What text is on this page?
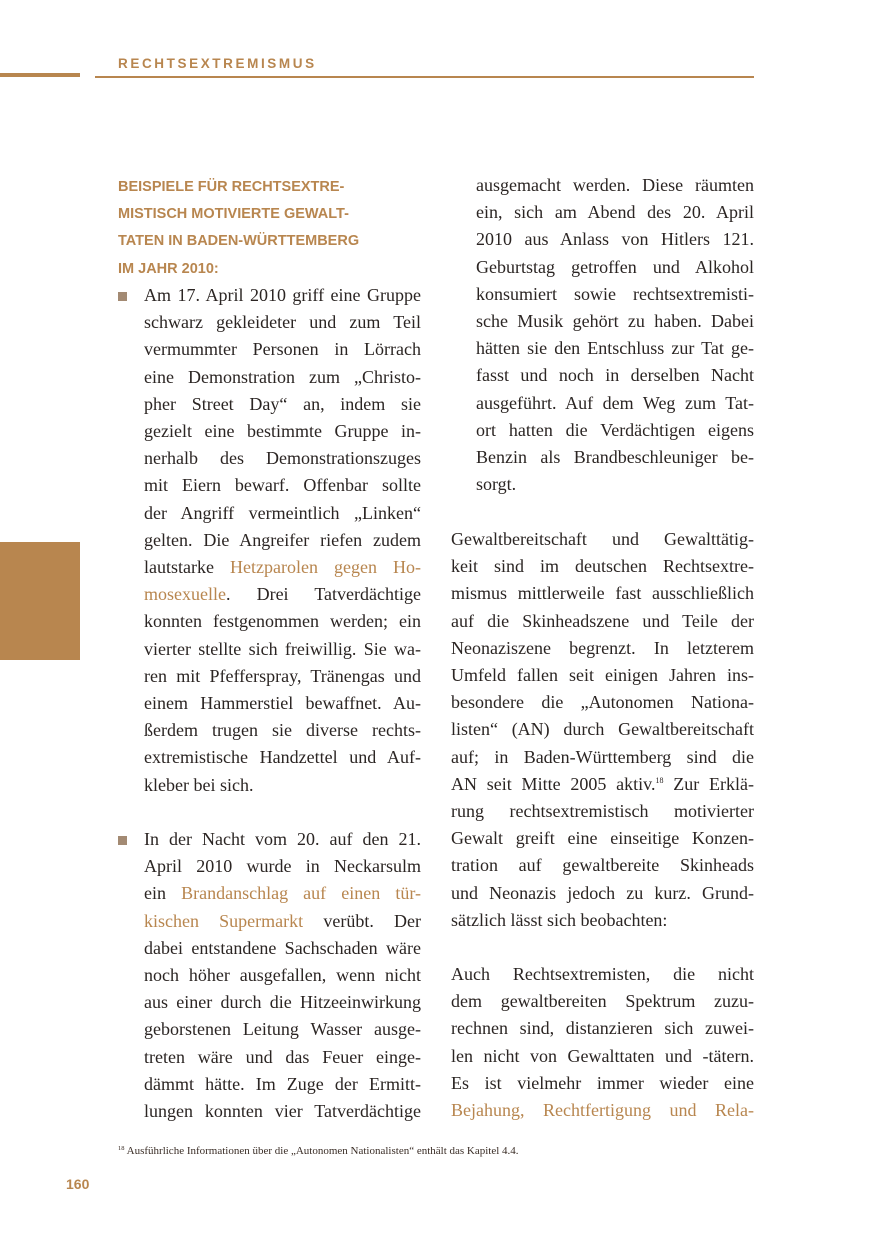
RECHTSEXTREMISMUS
BEISPIELE FÜR RECHTSEXTRE-
MISTISCH MOTIVIERTE GEWALT-
TATEN IN BADEN-WÜRTTEMBERG
IM JAHR 2010:

Am 17. April 2010 griff eine Gruppe

schwarz gekleideter und zum Teil

vermummter Personen in Lörrach

eine Demonstration zum „Christo-

pher Street Day“ an, indem sie

gezielt eine bestimmte Gruppe in-

nerhalb des Demonstrationszuges

mit Eiern bewarf. Offenbar sollte

der Angriff vermeintlich „Linken“

gelten. Die Angreifer riefen zudem

lautstarke Hetzparolen gegen Ho-

mosexuelle. Drei Tatverdächtige

konnten festgenommen werden; ein

vierter stellte sich freiwillig. Sie wa-

ren mit Pfefferspray, Tränengas und

einem Hammerstiel bewaffnet. Au-

ßerdem trugen sie diverse rechts-

extremistische Handzettel und Auf-

kleber bei sich.

In der Nacht vom 20. auf den 21.

April 2010 wurde in Neckarsulm

ein Brandanschlag auf einen tür-

kischen Supermarkt verübt. Der

dabei entstandene Sachschaden wäre

noch höher ausgefallen, wenn nicht

aus einer durch die Hitzeeinwirkung

geborstenen Leitung Wasser ausge-

treten wäre und das Feuer einge-

dämmt hätte. Im Zuge der Ermitt-

lungen konnten vier Tatverdächtige

ausgemacht werden. Diese räumten

ein, sich am Abend des 20. April

2010 aus Anlass von Hitlers 121.

Geburtstag getroffen und Alkohol

konsumiert sowie rechtsextremisti-

sche Musik gehört zu haben. Dabei

hätten sie den Entschluss zur Tat ge-

fasst und noch in derselben Nacht

ausgeführt. Auf dem Weg zum Tat-

ort hatten die Verdächtigen eigens

Benzin als Brandbeschleuniger be-

sorgt.

Gewaltbereitschaft und Gewalttätig-

keit sind im deutschen Rechtsextre-

mismus mittlerweile fast ausschließlich

auf die Skinheadszene und Teile der

Neonaziszene begrenzt. In letzterem

Umfeld fallen seit einigen Jahren ins-

besondere die „Autonomen Nationa-

listen“ (AN) durch Gewaltbereitschaft

auf; in Baden-Württemberg sind die

AN seit Mitte 2005 aktiv.$^{18}$ Zur Erklä-

rung rechtsextremistisch motivierter

Gewalt greift eine einseitige Konzen-

tration auf gewaltbereite Skinheads

und Neonazis jedoch zu kurz. Grund-

sätzlich lässt sich beobachten:

Auch Rechtsextremisten, die nicht

dem gewaltbereiten Spektrum zuzu-

rechnen sind, distanzieren sich zuwei-

len nicht von Gewalttaten und -tätern.

Es ist vielmehr immer wieder eine

Bejahung, Rechtfertigung und Rela-

$^{18}$ Ausführliche Informationen über die „Autonomen Nationalisten“ enthält das Kapitel 4.4.
160
